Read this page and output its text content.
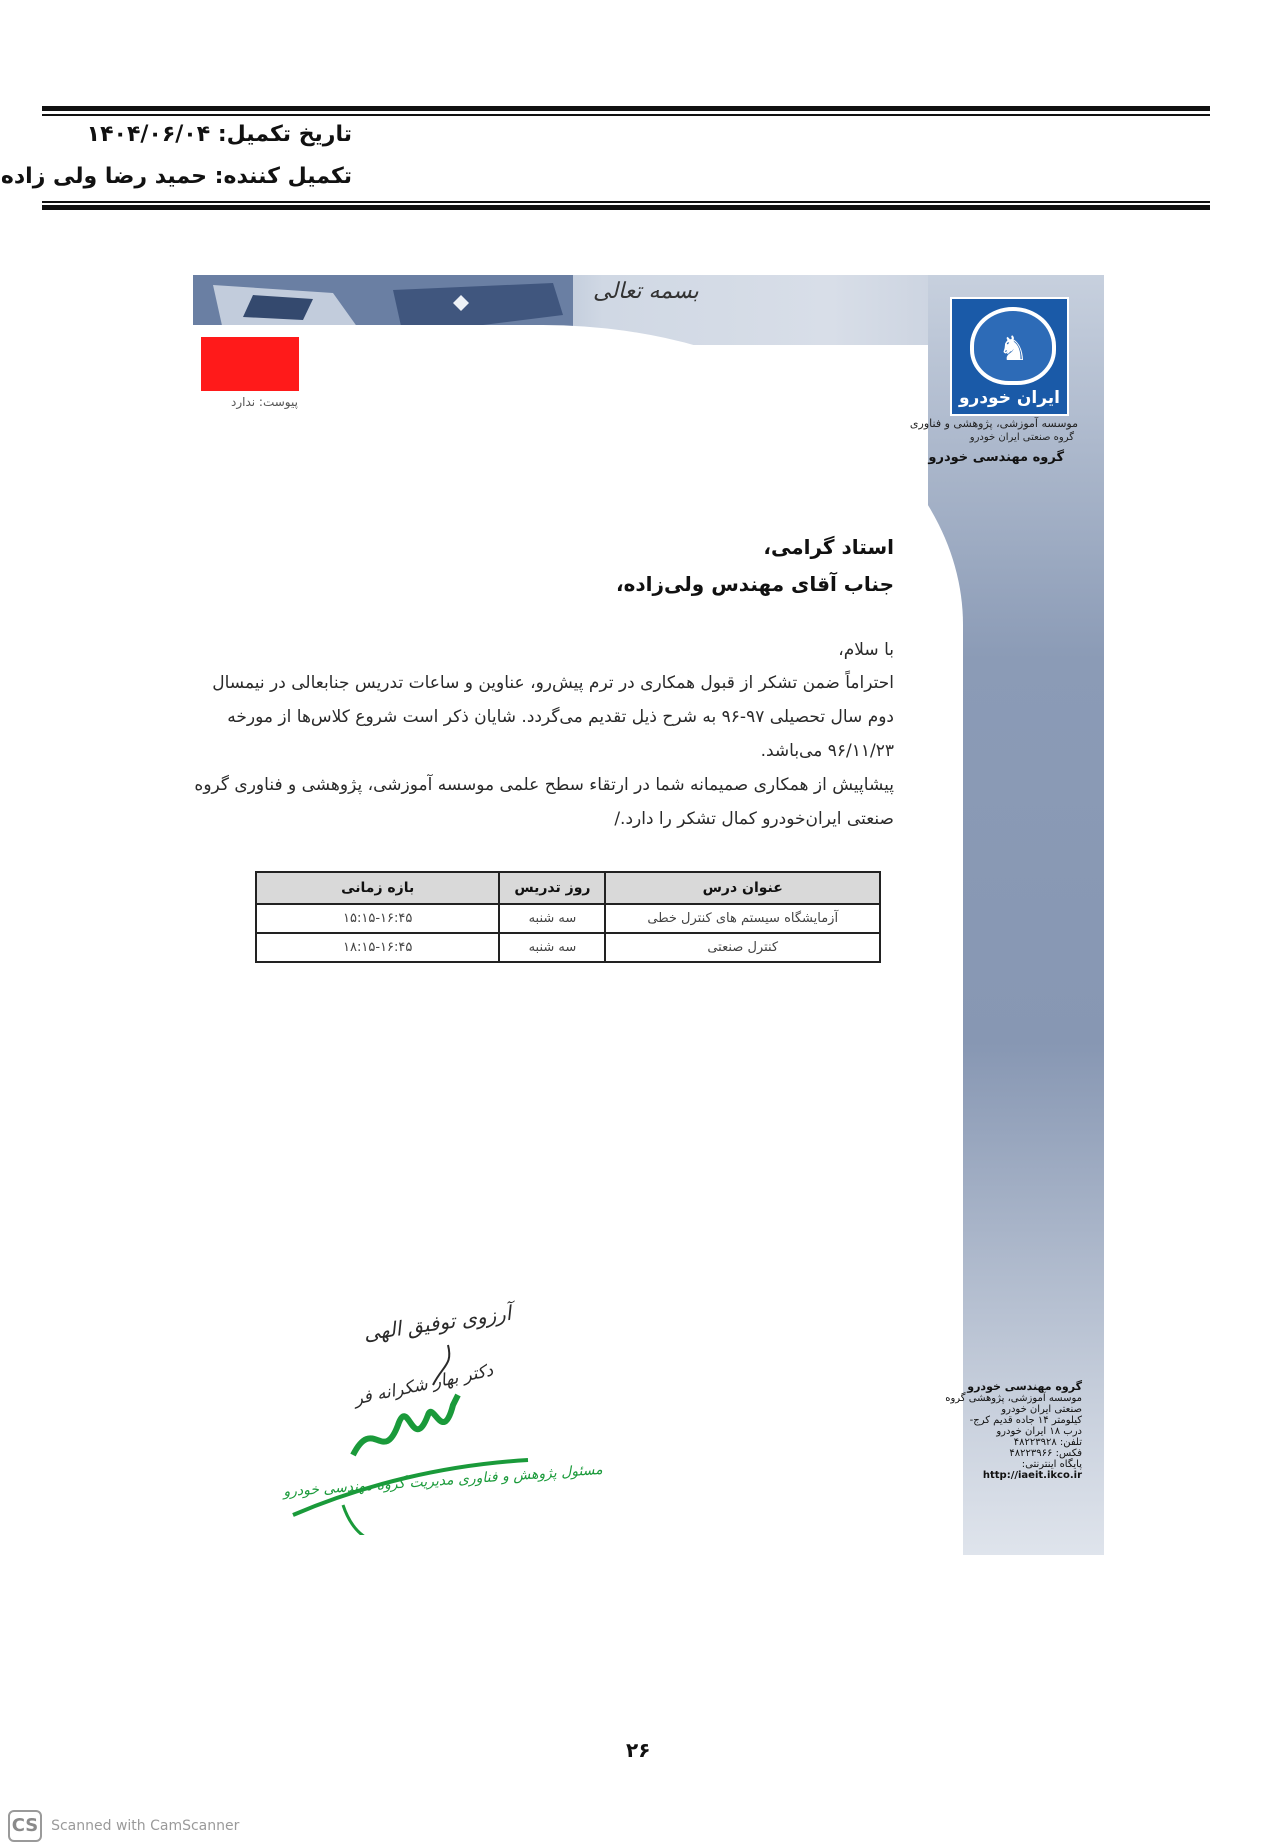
تاریخ تکمیل: ۱۴۰۴/۰۶/۰۴
تکمیل کننده: حمید رضا ولی زاده
بسمه تعالی
پیوست: ندارد
♞
ایران خودرو
موسسه آموزشی، پژوهشی و فناوری
گروه صنعتی ایران خودرو
گروه مهندسی خودرو
استاد گرامی،
جناب آقای مهندس ولی‌زاده،
با سلام،
احتراماً ضمن تشکر از قبول همکاری در ترم پیش‌رو، عناوین و ساعات تدریس جنابعالی در نیمسال
دوم سال تحصیلی ۹۷-۹۶ به شرح ذیل تقدیم می‌گردد. شایان ذکر است شروع کلاس‌ها از مورخه
۹۶/۱۱/۲۳ می‌باشد.
پیشاپیش از همکاری صمیمانه شما در ارتقاء سطح علمی موسسه آموزشی، پژوهشی و فناوری گروه
صنعتی ایران‌خودرو کمال تشکر را دارد./
عنوان درس	روز تدریس	بازه زمانی
آزمایشگاه سیستم های کنترل خطی	سه شنبه	۱۵:۱۵-۱۶:۴۵
کنترل صنعتی	سه شنبه	۱۸:۱۵-۱۶:۴۵
آرزوی توفیق الهی
دکتر بهار شکرانه فر
مسئول پژوهش و فناوری مدیریت گروه مهندسی خودرو
گروه مهندسی خودرو
موسسه آموزشی، پژوهشی گروه
صنعتی ایران خودرو
کیلومتر ۱۴ جاده قدیم کرج-
درب ۱۸ ایران خودرو
تلفن: ۴۸۲۲۳۹۲۸
فکس: ۴۸۲۲۳۹۶۶
پایگاه اینترنتی:
http://iaeit.ikco.ir
۲۶
CS Scanned with CamScanner
